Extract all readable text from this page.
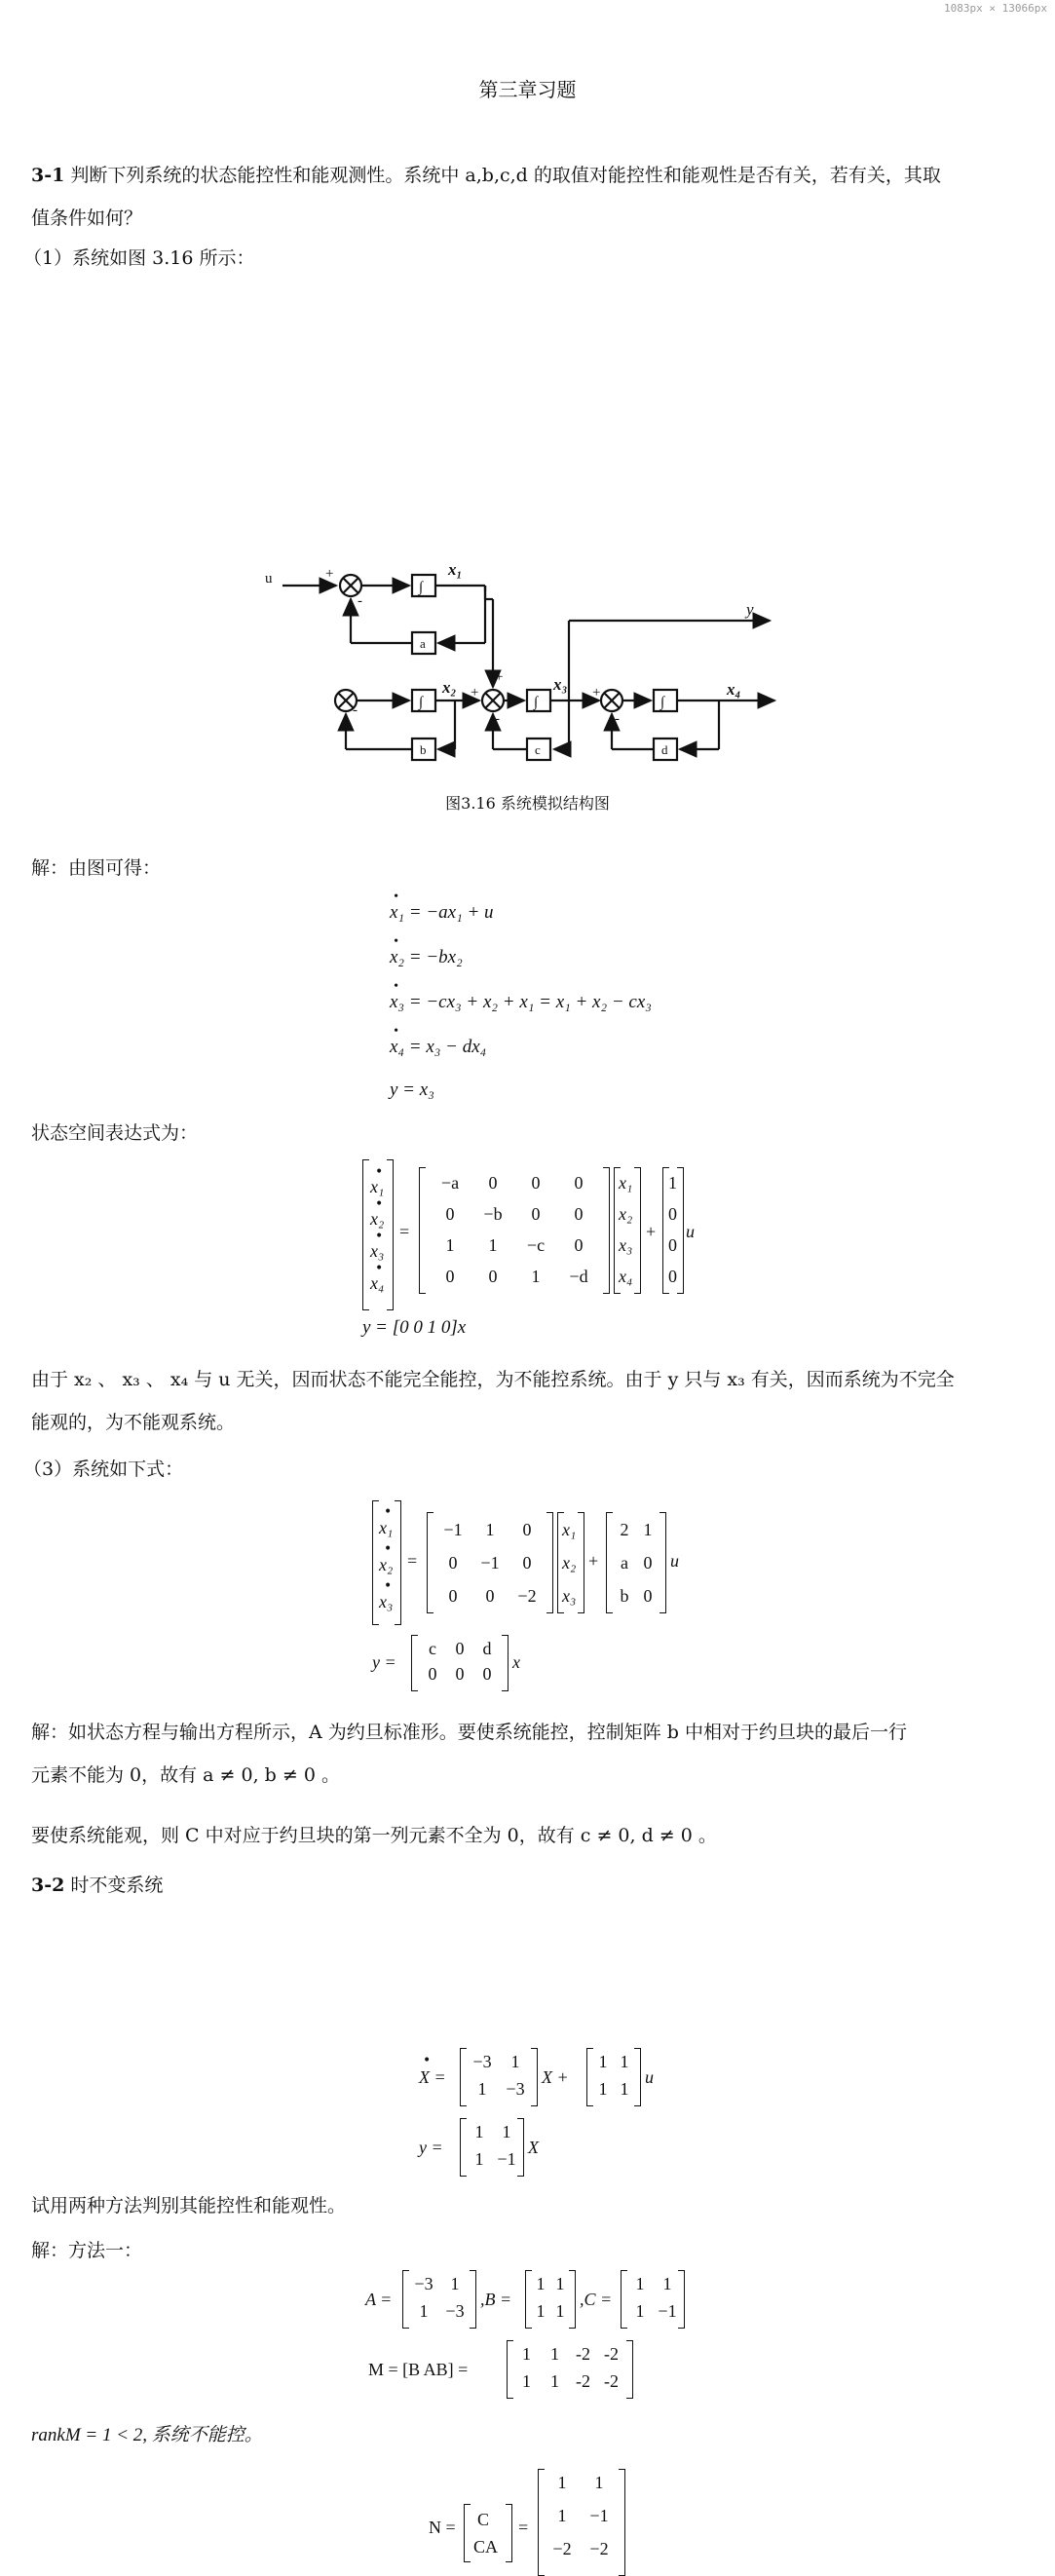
1083px × 13066px
第三章习题
3-1 判断下列系统的状态能控性和能观测性。系统中 a,b,c,d 的取值对能控性和能观性是否有关，若有关，其取
值条件如何？
（1）系统如图 3.16 所示：
u	+
-
∫
x₁
a
-	∫
x₂
b
+
+
-
∫
x₃
c
y
+
-
∫
x₄
d
图3.16 系统模拟结构图
解：由图可得：
•
x₁ = −ax₁ + u
•
x₂ = −bx₂
•
x₃ = −cx₃ + x₂ + x₁ = x₁ + x₂ − cx₃
•
x₄ = x₃ − dx₄
y = x₃
状态空间表达式为：
x₁
x₂
x₃
x₄
•
•
•
•
=
−a	0	0	0
0	−b	0	0
1	1	−c	0
0	0	1	−d
x₁
x₂
x₃
x₄
+
1
0
0
0
u
y = [0 0 1 0]x
由于 x₂ 、 x₃ 、 x₄ 与 u 无关，因而状态不能完全能控，为不能控系统。由于 y 只与 x₃ 有关，因而系统为不完全
能观的，为不能观系统。
（3）系统如下式：
x₁
x₂
x₃
•
•
•
=
−1	1	0
0	−1	0
0	0	−2
x₁
x₂
x₃
+
2 1
a 0
b 0
u
y =
c	0	d
0	0	0
x
解：如状态方程与输出方程所示，A 为约旦标准形。要使系统能控，控制矩阵 b 中相对于约旦块的最后一行
元素不能为 0，故有 a ≠ 0, b ≠ 0 。
要使系统能观，则 C 中对应于约旦块的第一列元素不全为 0，故有 c ≠ 0, d ≠ 0 。
3-2 时不变系统
•
X =
−3	1
1	−3
X +
1 1
1 1
u
y =
1	1
1 −1
X
试用两种方法判别其能控性和能观性。
解：方法一：
A =
−3 1
1 −3
,B =
1 1
1 1
,C =
1	1
1 −1
M = [B AB] =
1	1 -2 -2
1	1 -2 -2
rankM = 1 < 2, 系统不能控。
N = C
CA
=
1	1
1	−1
−2	−2
